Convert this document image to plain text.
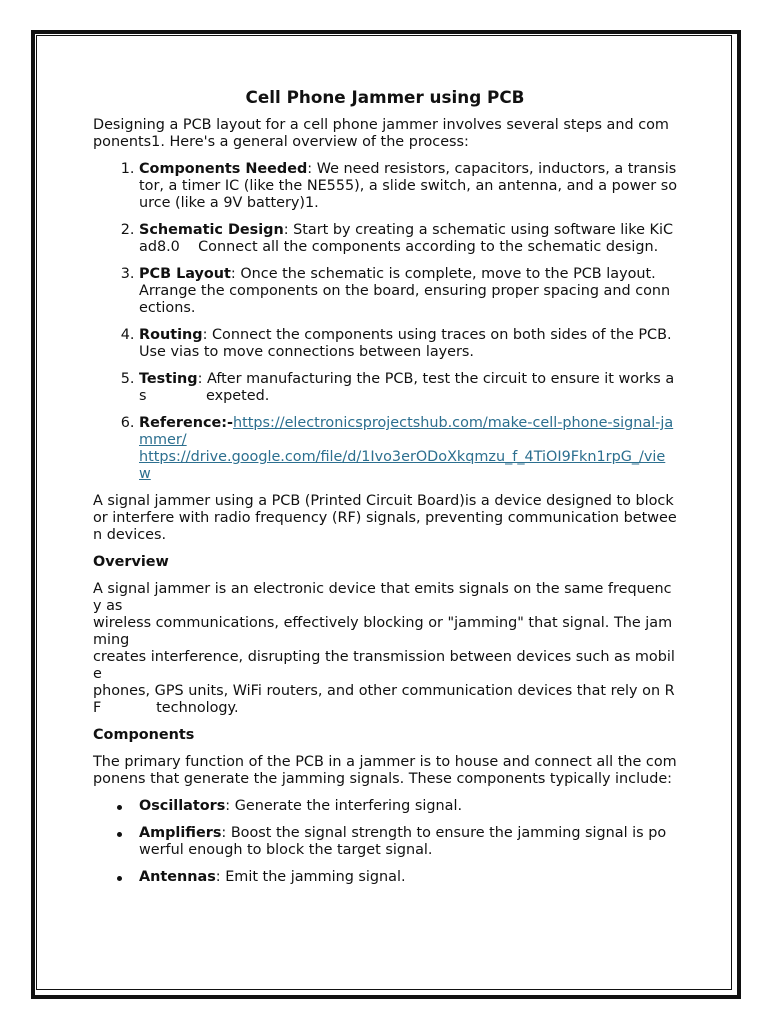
Cell Phone Jammer using PCB

Designing a PCB layout for a cell phone jammer involves several steps and components1. Here's a general overview of the process:

1. Components Needed: We need resistors, capacitors, inductors, a transistor, a timer IC (like the NE555), a slide switch, an antenna, and a power source (like a 9V battery)1.
2. Schematic Design: Start by creating a schematic using software like KiCad8.0    Connect all the components according to the schematic design.
3. PCB Layout: Once the schematic is complete, move to the PCB layout.
Arrange the components on the board, ensuring proper spacing and connections.
4. Routing: Connect the components using traces on both sides of the PCB.     Use vias to move connections between layers.
5. Testing: After manufacturing the PCB, test the circuit to ensure it works as             expeted.
6. Reference:-https://electronicsprojectshub.com/make-cell-phone-signal-jammer/
https://drive.google.com/file/d/1Ivo3erODoXkqmzu_f_4TiOI9Fkn1rpG_/view

A signal jammer using a PCB (Printed Circuit Board)is a device designed to block or interfere with radio frequency (RF) signals, preventing communication between devices.

Overview

A signal jammer is an electronic device that emits signals on the same frequency as
wireless communications, effectively blocking or "jamming" that signal. The jamming
creates interference, disrupting the transmission between devices such as mobile
phones, GPS units, WiFi routers, and other communication devices that rely on RF            technology.

Components

The primary function of the PCB in a jammer is to house and connect all the componens that generate the jamming signals. These components typically include:

Oscillators: Generate the interfering signal.
Amplifiers: Boost the signal strength to ensure the jamming signal is powerful enough to block the target signal.
Antennas: Emit the jamming signal.
